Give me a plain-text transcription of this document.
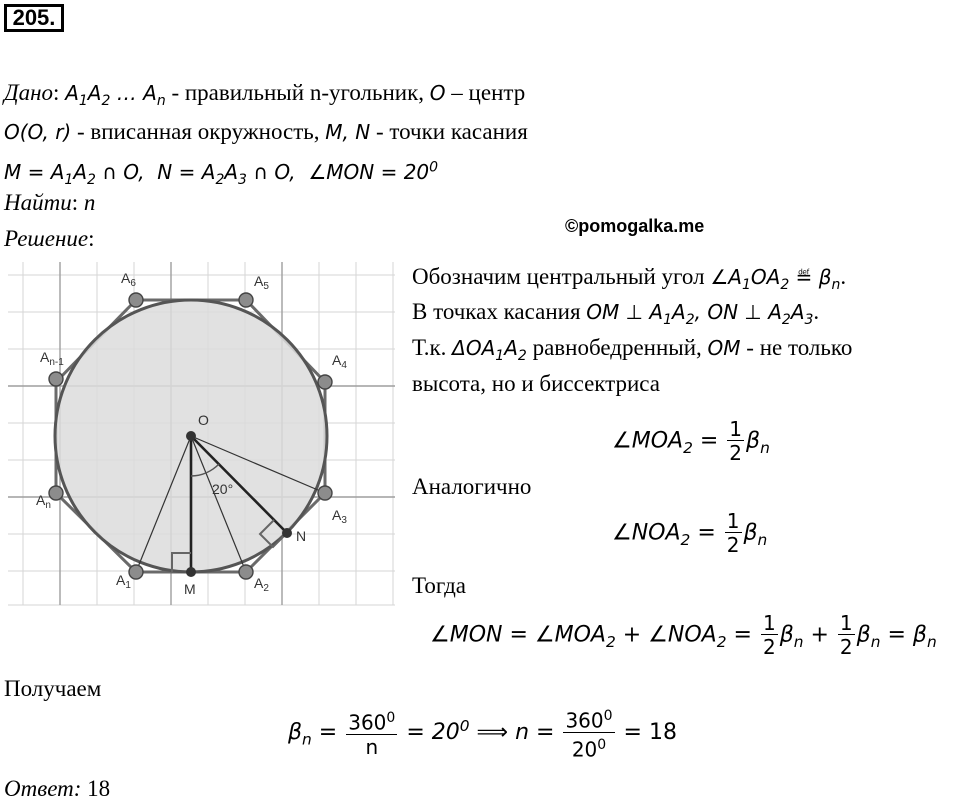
205.
Дано: $A_1A_2$ … $A_n$ - правильный n-угольник, O – центр
O(O, r) - вписанная окружность, M, N - точки касания
$M = A_1A_2$ ∩ O,  $N = A_2A_3$ ∩ O,  ∠MON = $20^0$
Найти: n
Решение:	©pomogalka.me
O
M
N
20°
$A_6$	$A_5$
$A_4$
$A_3$
$A_2$
$A_1$
$A_n$
$A_{n-1}$
Обозначим центральный угол $\angle A_1OA_2$ ≝ $\beta_n$.
В точках касания OM ⊥ $A_1A_2$, ON ⊥ $A_2A_3$.
Т.к. $\Delta OA_1A_2$ равнобедренный, OM - не только
высота, но и биссектриса
$\angle MOA_2 = \frac{1}{2} \beta_n$
Аналогично
$\angle NOA_2 = \frac{1}{2} \beta_n$
Тогда
∠MON = $\angle MOA_2$ + $\angle NOA_2 = \frac{1}{2} \beta_n + \frac{1}{2} \beta_n = \beta_n$
Получаем
$\beta_n = \frac{360^0}{n} = 20^0$ ⟹ $n = \frac{360^0}{20^0} = 18$
Ответ: 18
